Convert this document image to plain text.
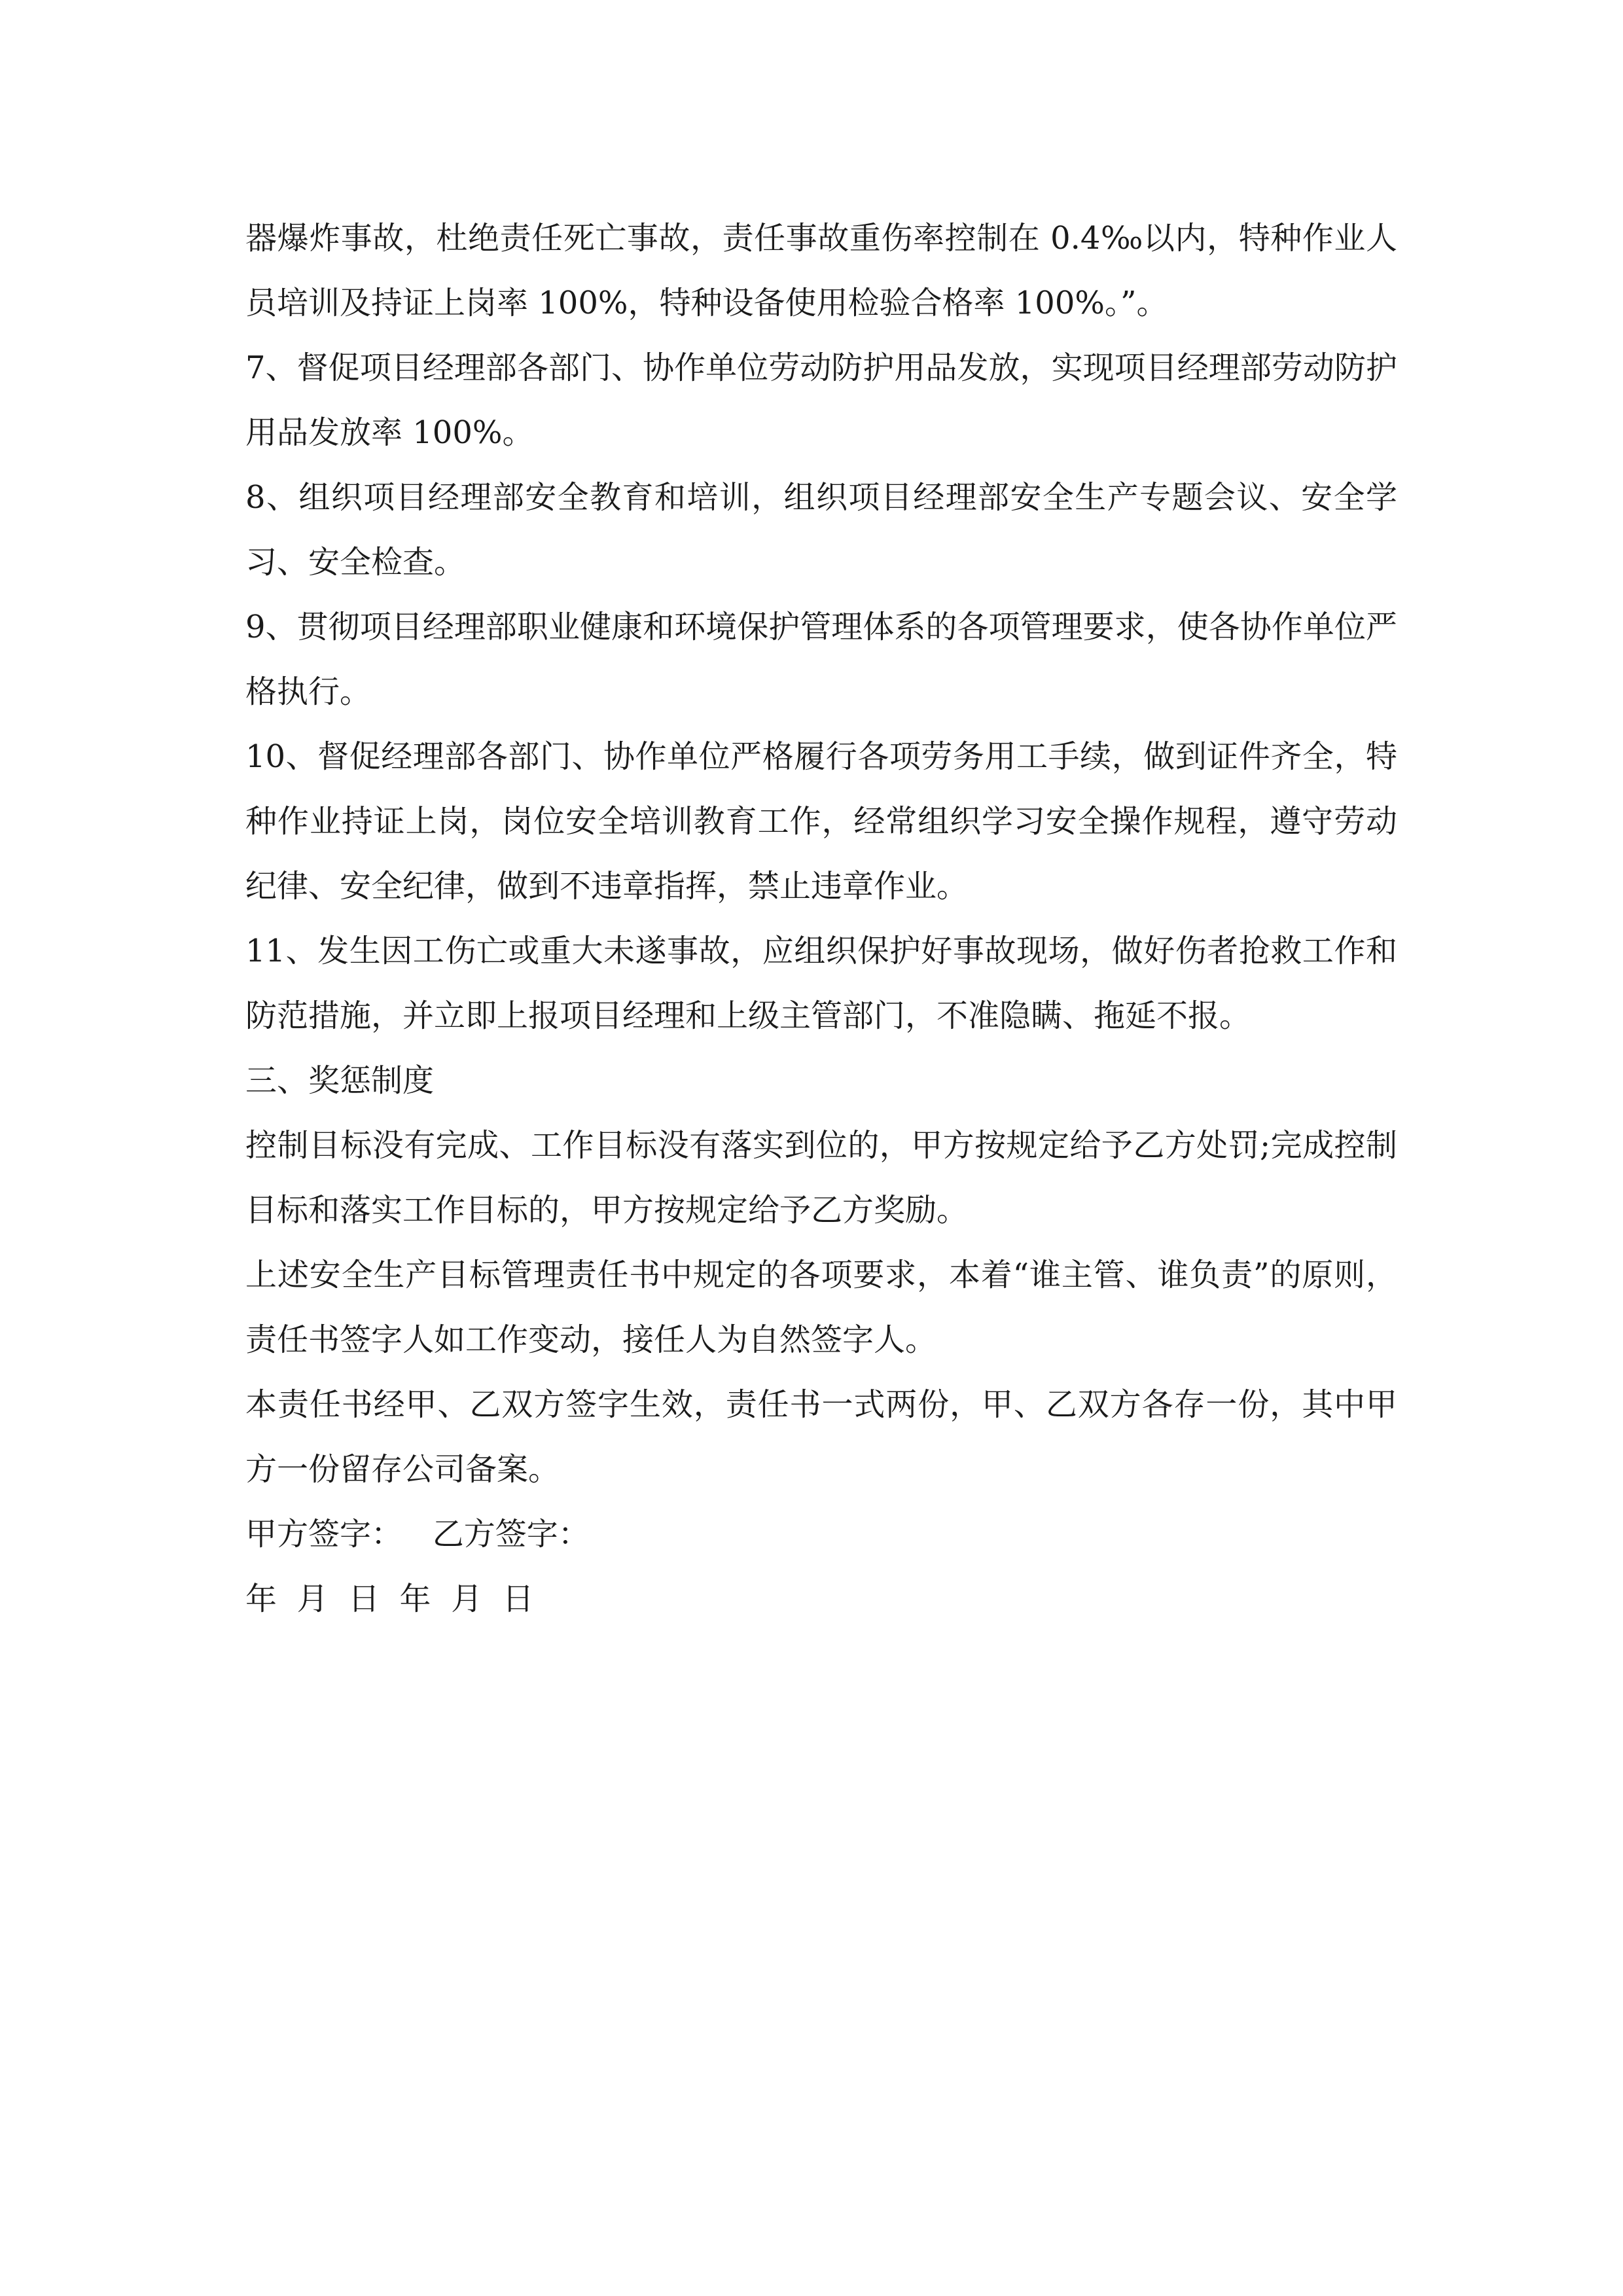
器爆炸事故，杜绝责任死亡事故，责任事故重伤率控制在 0.4‰以内，特种作业人员培训及持证上岗率 100%，特种设备使用检验合格率 100%。”。

7、督促项目经理部各部门、协作单位劳动防护用品发放，实现项目经理部劳动防护用品发放率 100%。

8、组织项目经理部安全教育和培训，组织项目经理部安全生产专题会议、安全学习、安全检查。

9、贯彻项目经理部职业健康和环境保护管理体系的各项管理要求，使各协作单位严格执行。

10、督促经理部各部门、协作单位严格履行各项劳务用工手续，做到证件齐全，特种作业持证上岗，岗位安全培训教育工作，经常组织学习安全操作规程，遵守劳动纪律、安全纪律，做到不违章指挥，禁止违章作业。

11、发生因工伤亡或重大未遂事故，应组织保护好事故现场，做好伤者抢救工作和防范措施，并立即上报项目经理和上级主管部门，不准隐瞒、拖延不报。

三、奖惩制度

控制目标没有完成、工作目标没有落实到位的，甲方按规定给予乙方处罚;完成控制目标和落实工作目标的，甲方按规定给予乙方奖励。

上述安全生产目标管理责任书中规定的各项要求，本着“谁主管、谁负责”的原则，责任书签字人如工作变动，接任人为自然签字人。

本责任书经甲、乙双方签字生效，责任书一式两份，甲、乙双方各存一份，其中甲方一份留存公司备案。

甲方签字：   乙方签字：

年  月  日  年  月  日
